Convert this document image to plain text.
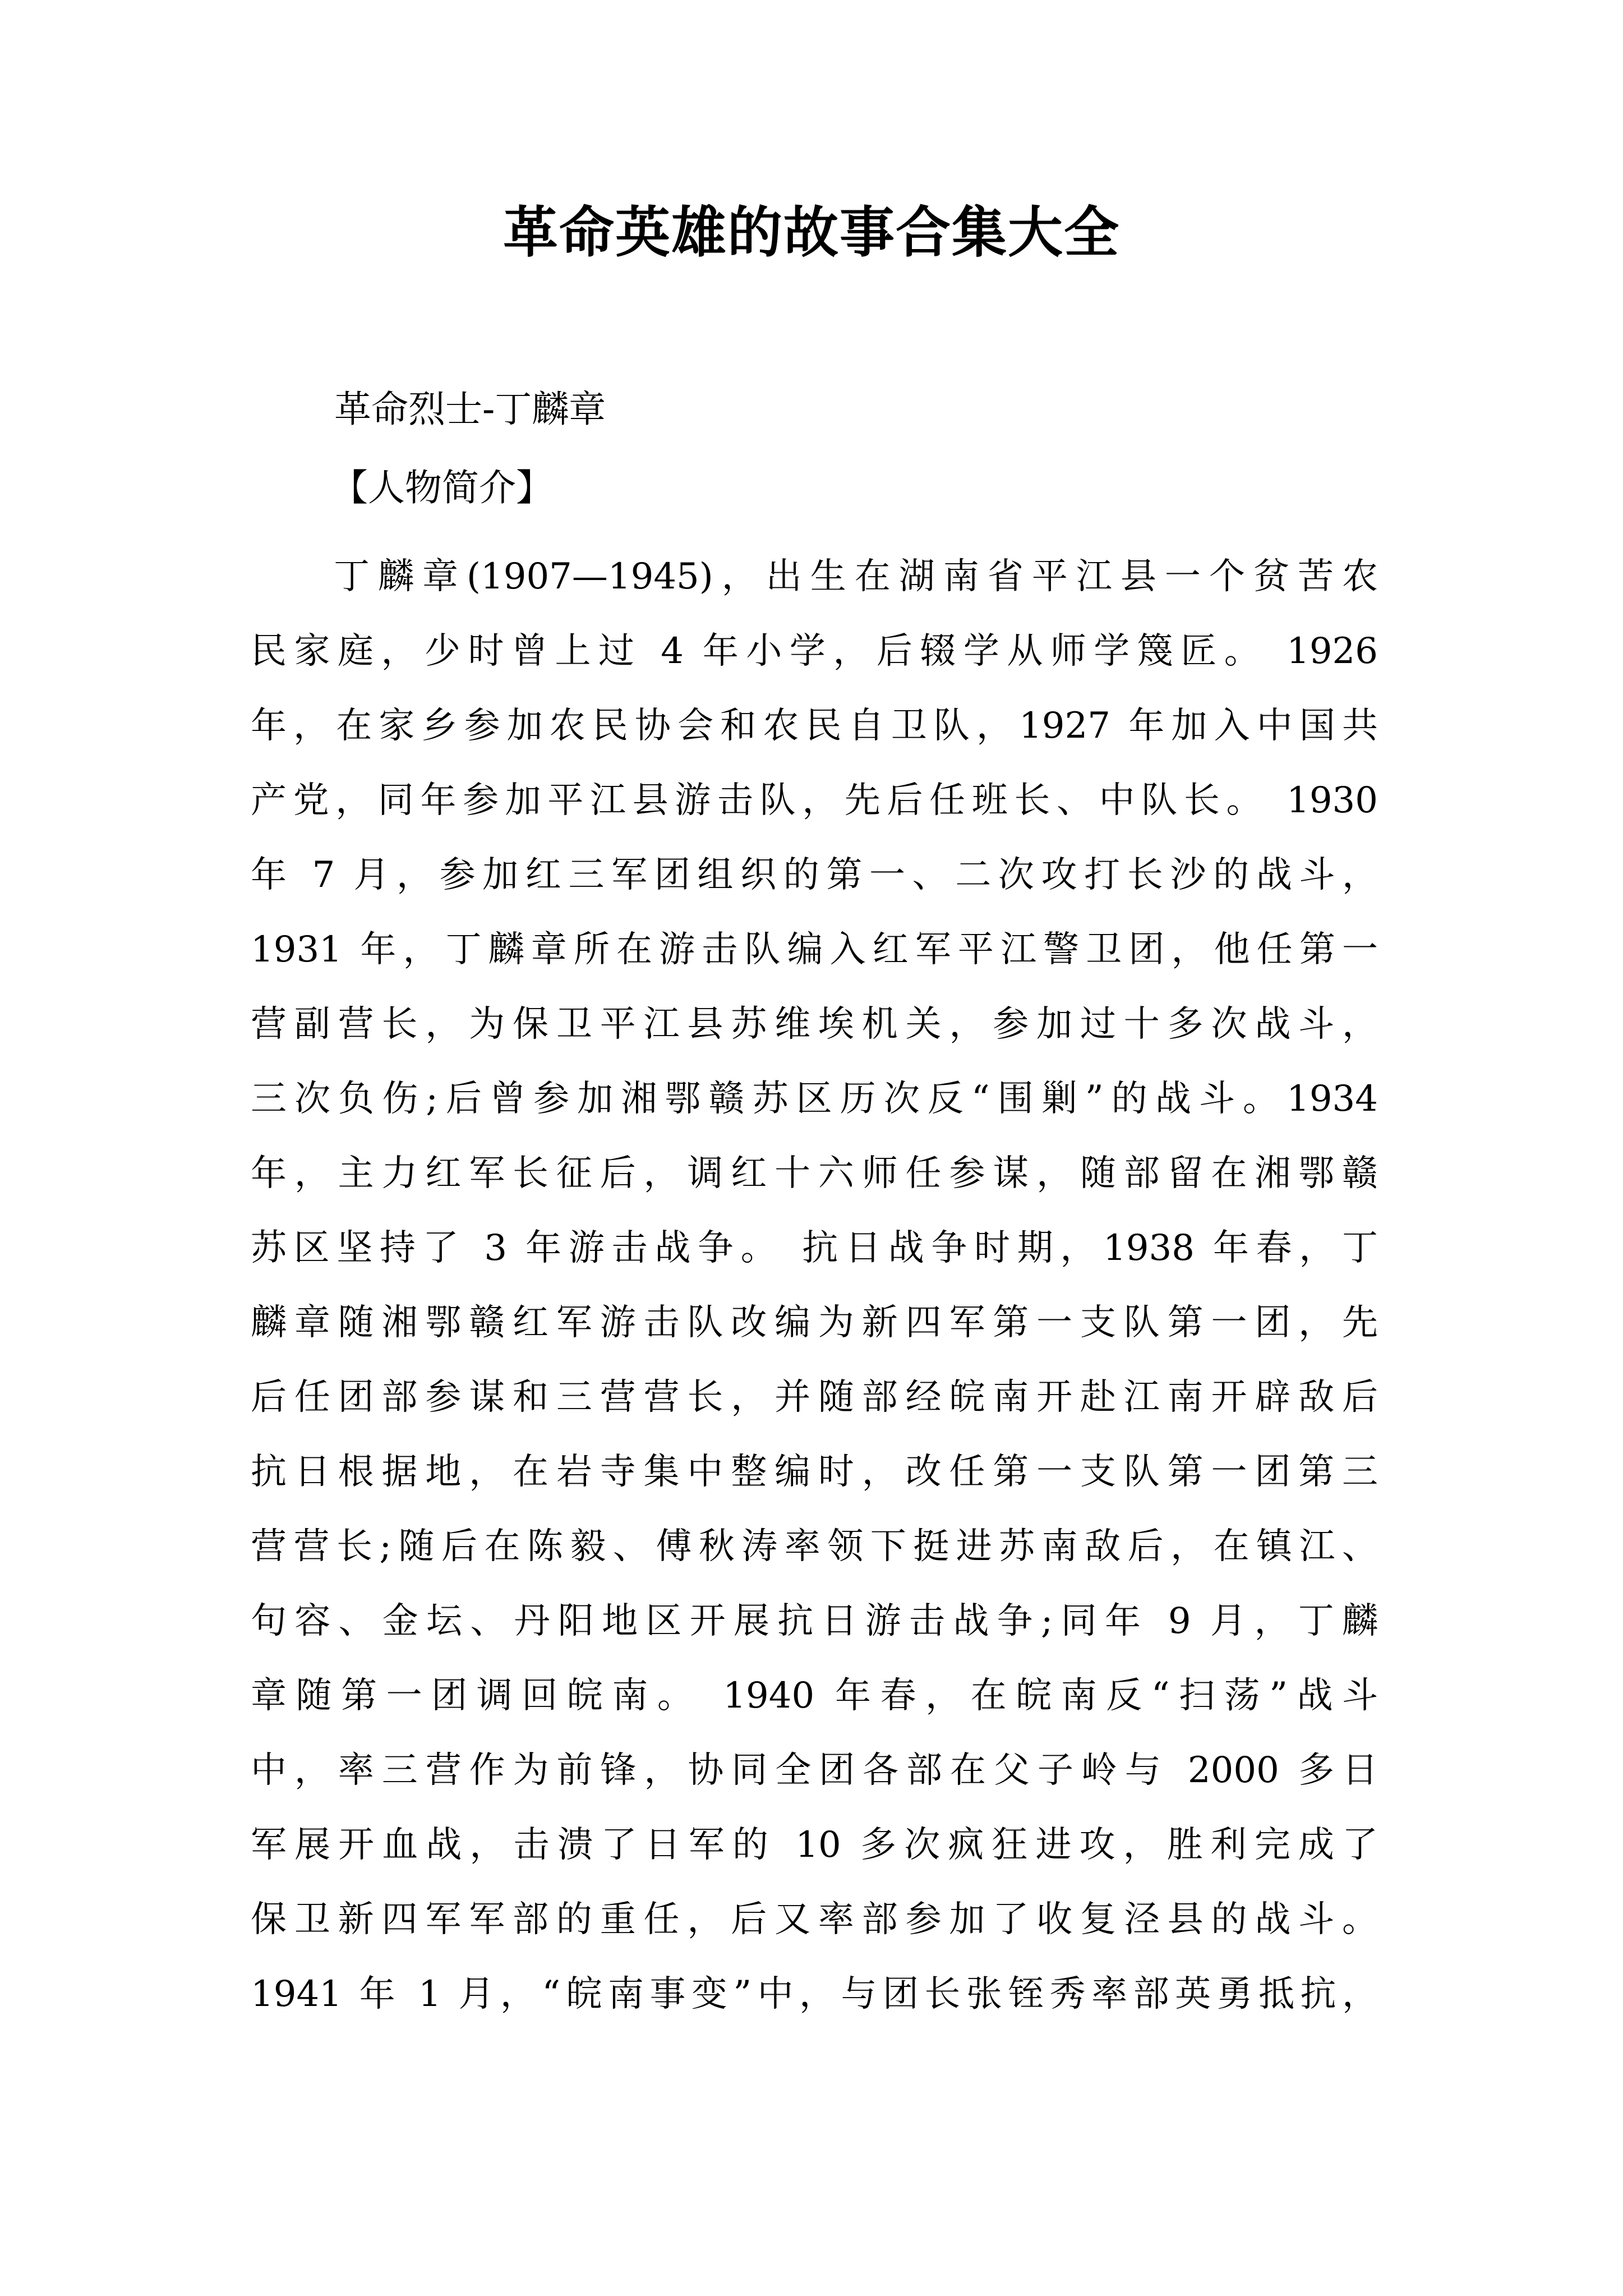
革命英雄的故事合集大全

革命烈士-丁麟章

【人物简介】

丁麟章(1907—1945)，出生在湖南省平江县一个贫苦农
民家庭，少时曾上过 4 年小学，后辍学从师学篾匠。 1926
年，在家乡参加农民协会和农民自卫队，1927 年加入中国共
产党，同年参加平江县游击队，先后任班长、中队长。 1930
年 7 月，参加红三军团组织的第一、二次攻打长沙的战斗，
1931 年，丁麟章所在游击队编入红军平江警卫团，他任第一
营副营长，为保卫平江县苏维埃机关，参加过十多次战斗，
三次负伤;后曾参加湘鄂赣苏区历次反“围剿”的战斗。1934
年，主力红军长征后，调红十六师任参谋，随部留在湘鄂赣
苏区坚持了 3 年游击战争。 抗日战争时期，1938 年春，丁
麟章随湘鄂赣红军游击队改编为新四军第一支队第一团，先
后任团部参谋和三营营长，并随部经皖南开赴江南开辟敌后
抗日根据地，在岩寺集中整编时，改任第一支队第一团第三
营营长;随后在陈毅、傅秋涛率领下挺进苏南敌后，在镇江、
句容、金坛、丹阳地区开展抗日游击战争;同年 9 月，丁麟
章随第一团调回皖南。 1940 年春，在皖南反“扫荡”战斗
中，率三营作为前锋，协同全团各部在父子岭与 2000 多日
军展开血战，击溃了日军的 10 多次疯狂进攻，胜利完成了
保卫新四军军部的重任，后又率部参加了收复泾县的战斗。
1941 年 1 月，“皖南事变”中，与团长张铚秀率部英勇抵抗，
